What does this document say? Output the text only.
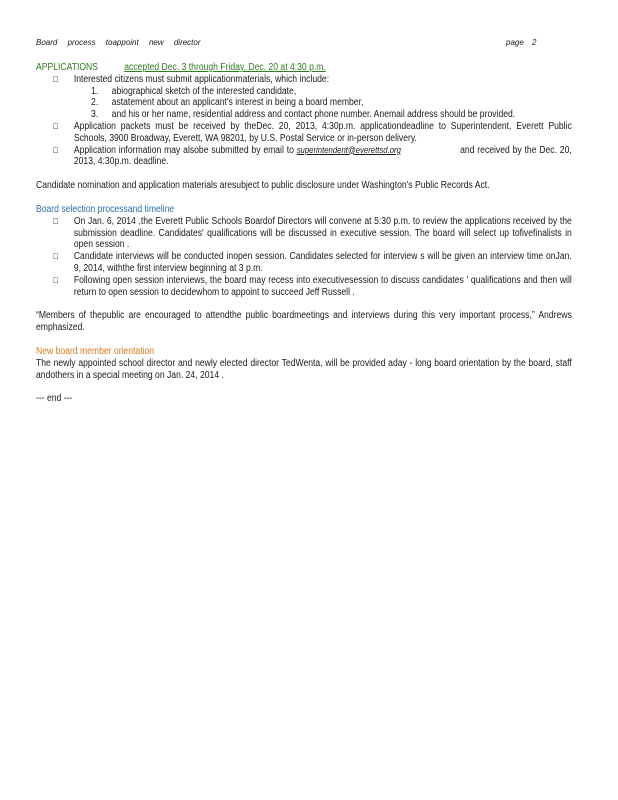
Board process toappoint new director	page 2

APPLICATIONS	accepted Dec. 3 through Friday, Dec. 20 at 4:30 p.m.

□ Interested citizens must submit applicationmaterials, which include:
1. abiographical sketch of the interested candidate,
2. astatement about an applicant's interest in being a board member,
3. and his or her name, residential address and contact phone number. Anemail address should be provided.
□ Application packets must be received by theDec. 20, 2013, 4:30p.m. applicationdeadline to Superintendent, Everett Public Schools, 3900 Broadway, Everett, WA 98201, by U.S. Postal Service or in-person delivery.
□ Application information may alsobe submitted by email to superintendent@everettsd.org	and received by the Dec. 20, 2013, 4:30p.m. deadline.

Candidate nomination and application materials aresubject to public disclosure under Washington's Public Records Act.

Board selection processand timeline

□ On Jan. 6, 2014 ,the Everett Public Schools Boardof Directors will convene at 5:30 p.m. to review the applications received by the submission deadline. Candidates' qualifications will be discussed in executive session. The board will select up tofivefinalists in open session .
□ Candidate interviews will be conducted inopen session. Candidates selected for interview s will be given an interview time onJan. 9, 2014, withthe first interview beginning at 3 p.m.
□ Following open session interviews, the board may recess into executivesession to discuss candidates ' qualifications and then will return to open session to decidewhom to appoint to succeed Jeff Russell .

“Members of thepublic are encouraged to attendthe public boardmeetings and interviews during this very important process,” Andrews emphasized.

New board member orientation

The newly appointed school director and newly elected director TedWenta, will be provided aday - long board orientation by the board, staff andothers in a special meeting on Jan. 24, 2014 .

--- end ---
